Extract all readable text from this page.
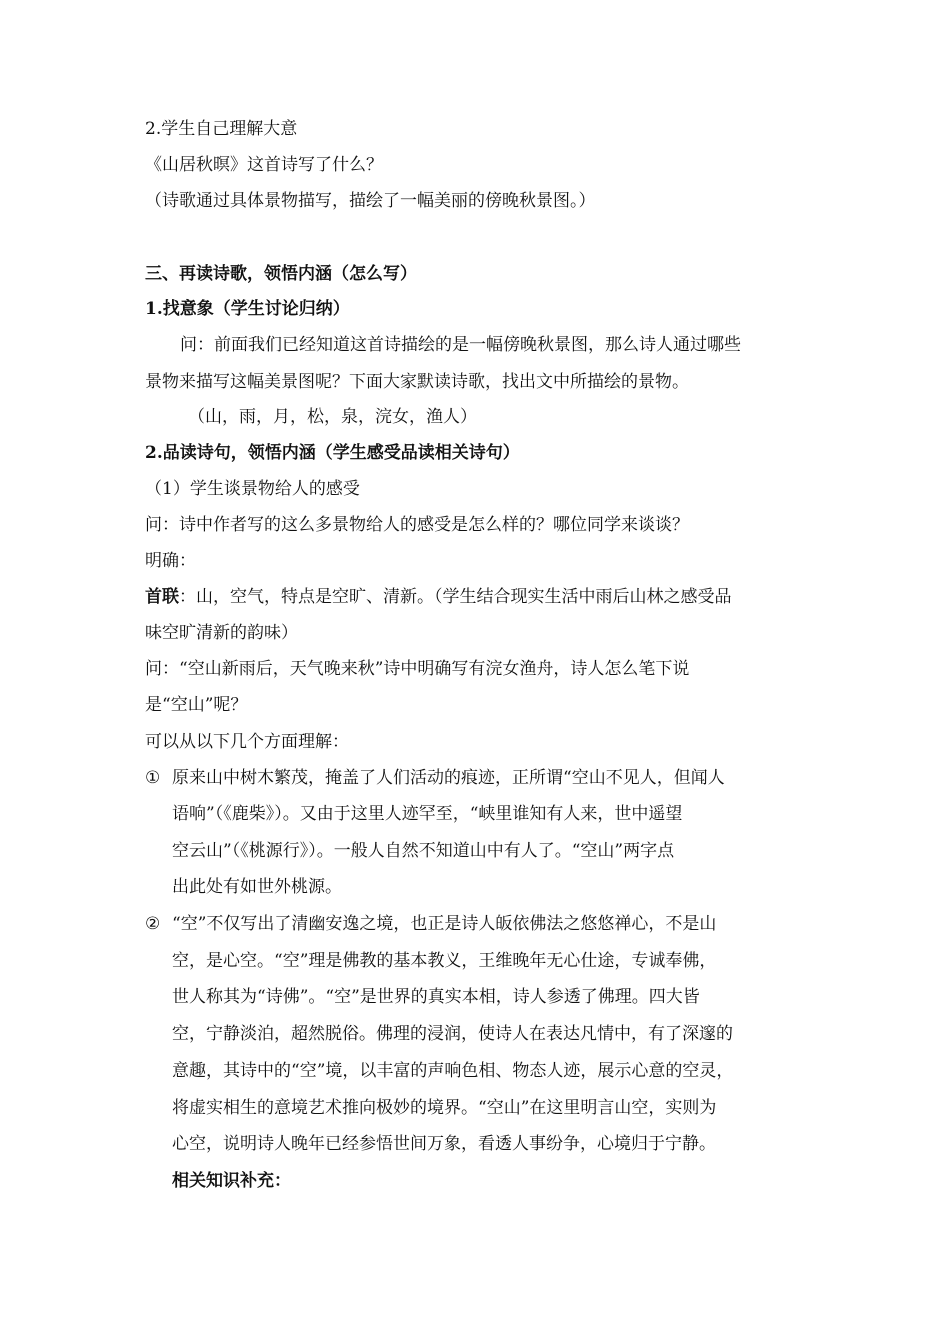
2.学生自己理解大意
《山居秋暝》这首诗写了什么？
（诗歌通过具体景物描写，描绘了一幅美丽的傍晚秋景图。）
三、再读诗歌，领悟内涵（怎么写）
1.找意象（学生讨论归纳）
问：前面我们已经知道这首诗描绘的是一幅傍晚秋景图，那么诗人通过哪些
景物来描写这幅美景图呢？下面大家默读诗歌，找出文中所描绘的景物。
（山，雨，月，松，泉，浣女，渔人）
2.品读诗句，领悟内涵（学生感受品读相关诗句）
（1）学生谈景物给人的感受
问：诗中作者写的这么多景物给人的感受是怎么样的？哪位同学来谈谈？
明确：
首联：山，空气，特点是空旷、清新。（学生结合现实生活中雨后山林之感受品
味空旷清新的韵味）
问：“空山新雨后，天气晚来秋”诗中明确写有浣女渔舟，诗人怎么笔下说
是“空山”呢？
可以从以下几个方面理解：
① 原来山中树木繁茂，掩盖了人们活动的痕迹，正所谓“空山不见人，但闻人
语响”（《鹿柴》）。又由于这里人迹罕至，“峡里谁知有人来，世中遥望
空云山”（《桃源行》）。一般人自然不知道山中有人了。“空山”两字点
出此处有如世外桃源。
② “空”不仅写出了清幽安逸之境，也正是诗人皈依佛法之悠悠禅心，不是山
空，是心空。“空”理是佛教的基本教义，王维晚年无心仕途，专诚奉佛，
世人称其为“诗佛”。“空”是世界的真实本相，诗人参透了佛理。四大皆
空，宁静淡泊，超然脱俗。佛理的浸润，使诗人在表达凡情中，有了深邃的
意趣，其诗中的“空”境，以丰富的声响色相、物态人迹，展示心意的空灵，
将虚实相生的意境艺术推向极妙的境界。“空山”在这里明言山空，实则为
心空，说明诗人晚年已经参悟世间万象，看透人事纷争，心境归于宁静。
相关知识补充：
